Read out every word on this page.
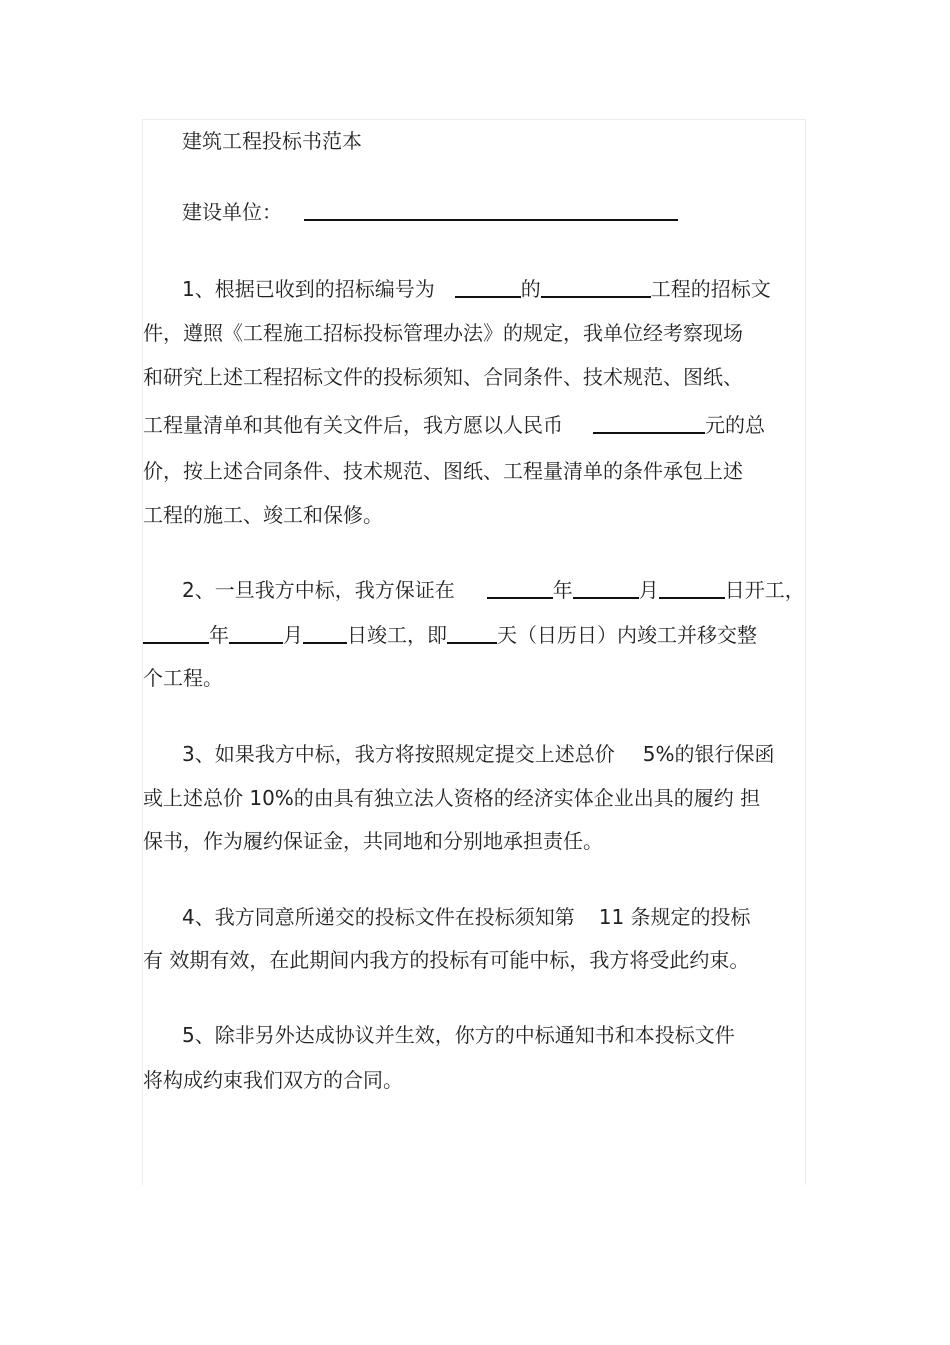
建筑工程投标书范本
建设单位：
1、根据已收到的招标编号为	的	工程的招标文
件，遵照《工程施工招标投标管理办法》的规定，我单位经考察现场
和研究上述工程招标文件的投标须知、合同条件、技术规范、图纸、
工程量清单和其他有关文件后，我方愿以人民币	元的总
价，按上述合同条件、技术规范、图纸、工程量清单的条件承包上述
工程的施工、竣工和保修。
2、一旦我方中标，我方保证在	年	月	日开工，
年	月 日竣工，即	天（日历日）内竣工并移交整
个工程。
3、如果我方中标，我方将按照规定提交上述总价 5%的银行保函
或上述总价 10%的由具有独立法人资格的经济实体企业出具的履约 担
保书，作为履约保证金，共同地和分别地承担责任。
4、我方同意所递交的投标文件在投标须知第 11 条规定的投标
有 效期有效，在此期间内我方的投标有可能中标，我方将受此约束。
5、除非另外达成协议并生效，你方的中标通知书和本投标文件
将构成约束我们双方的合同。
